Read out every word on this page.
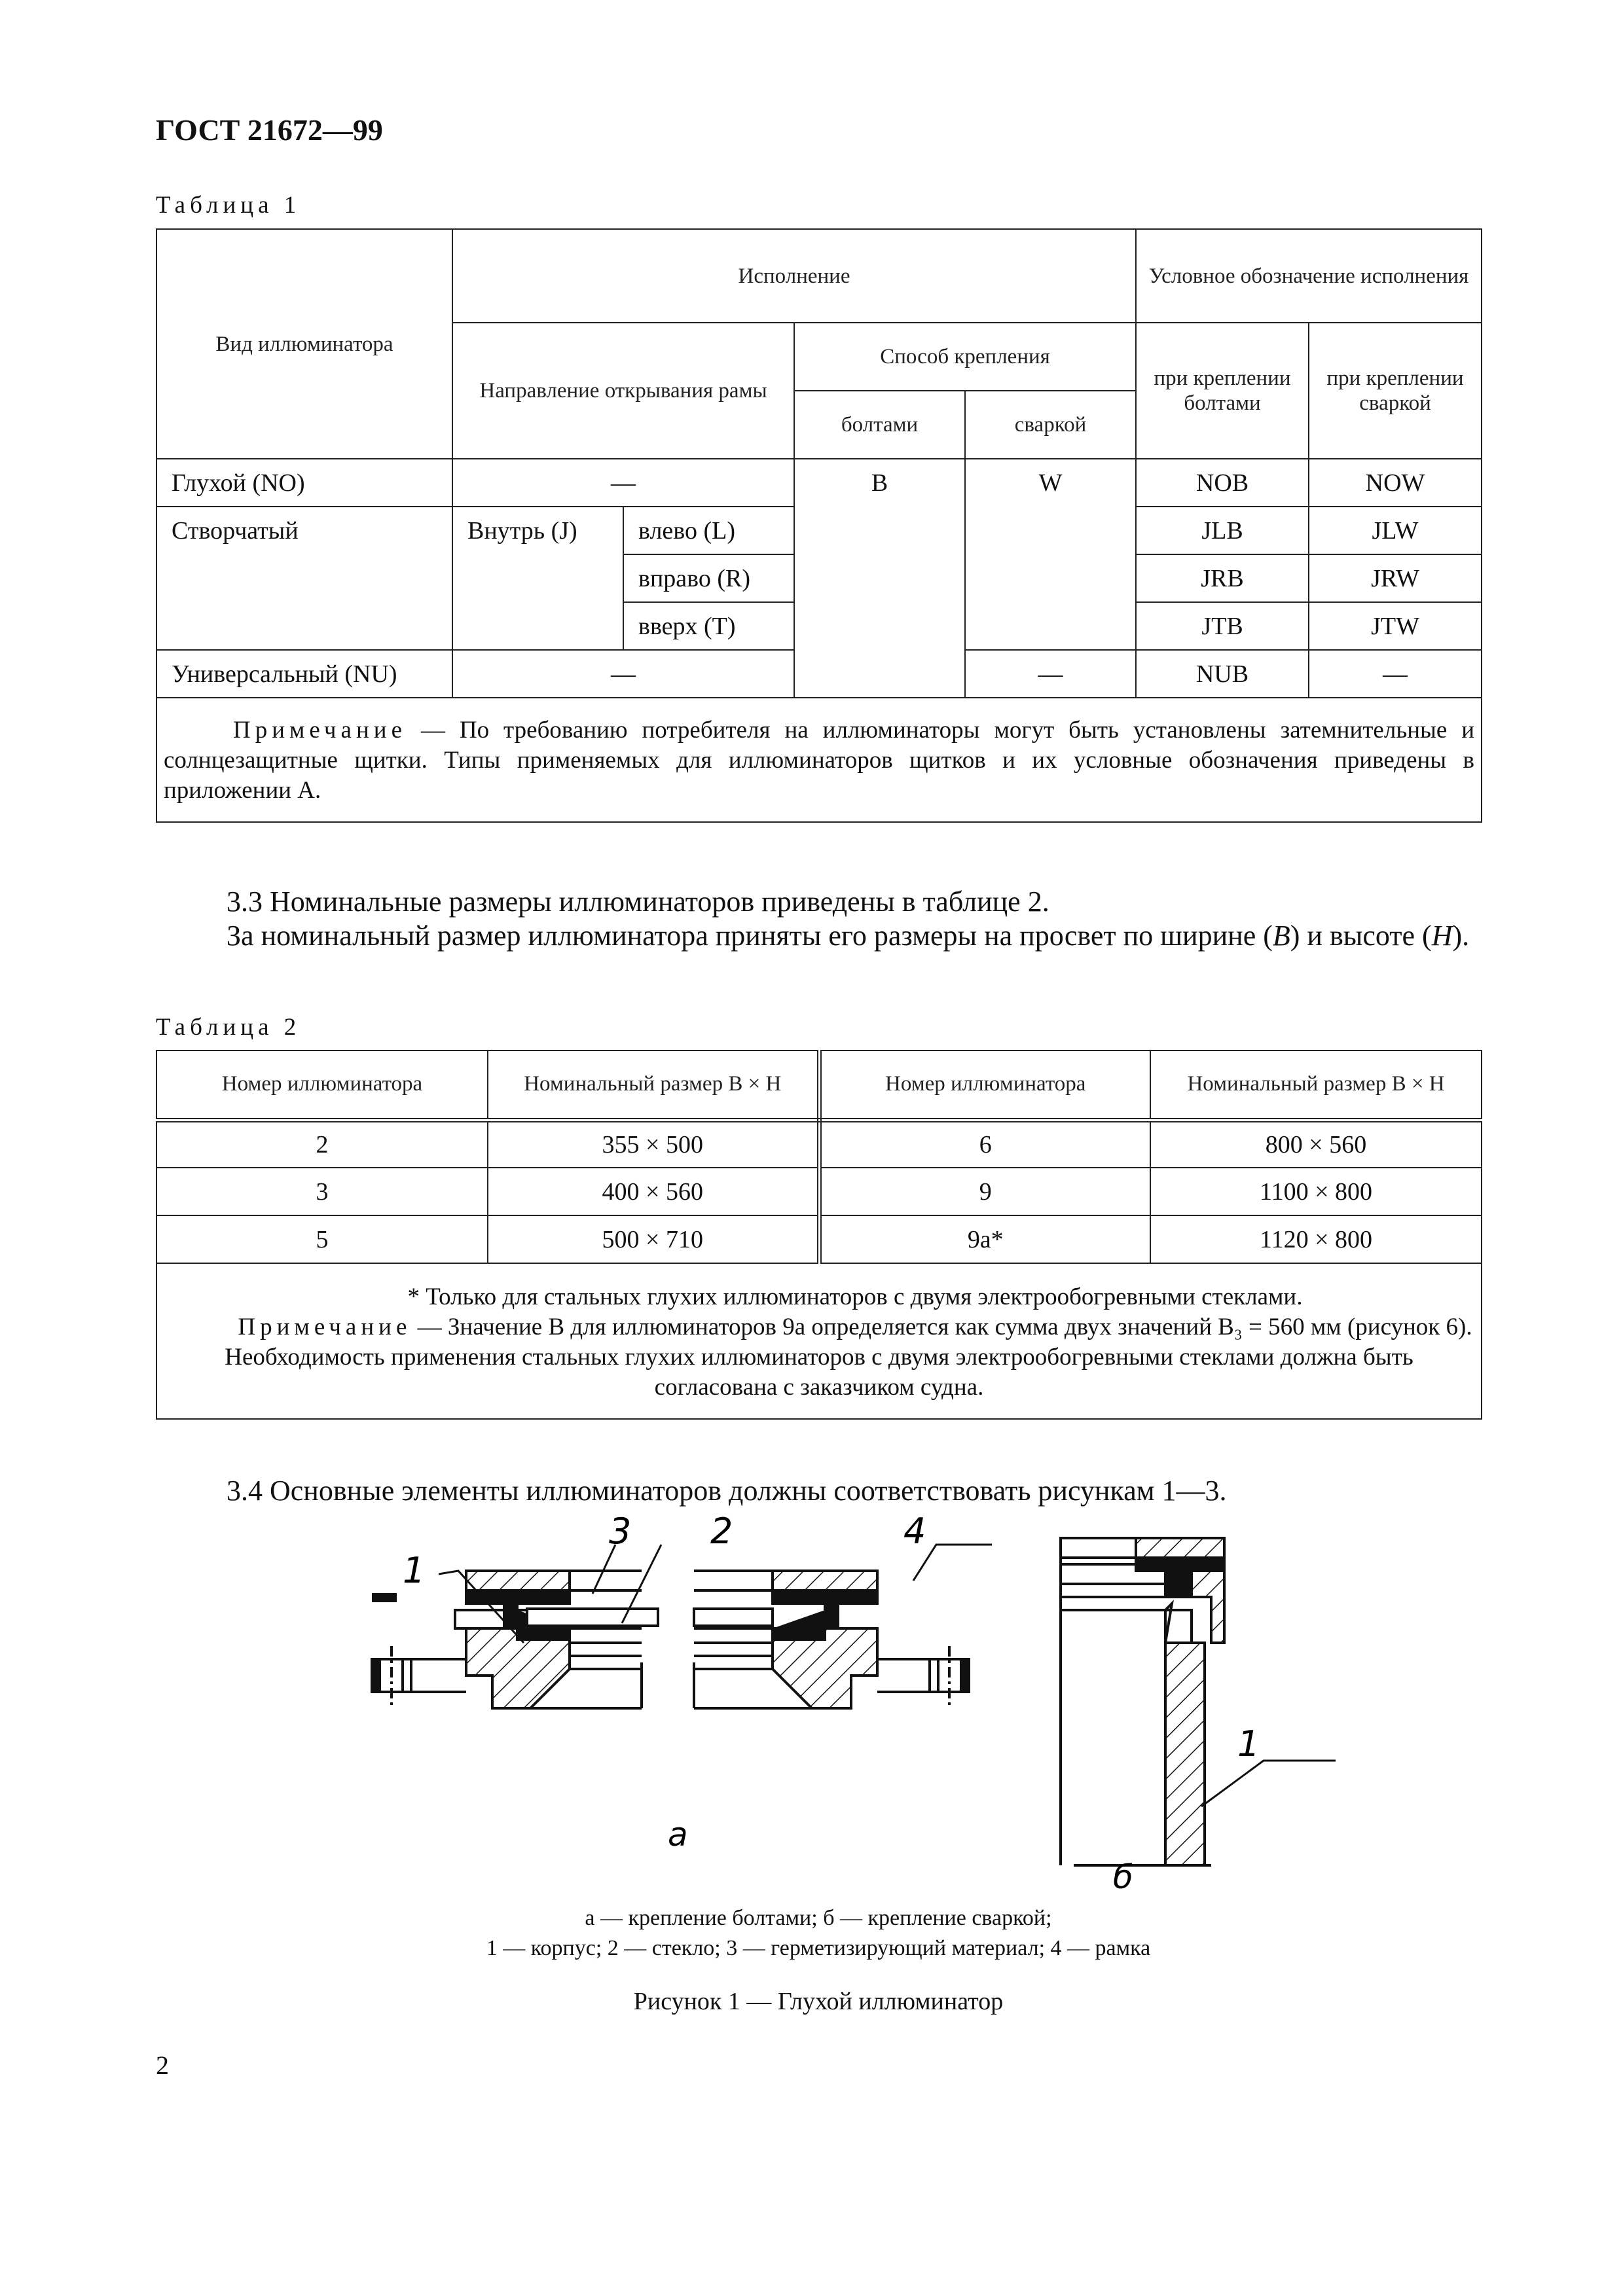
ГОСТ 21672—99
Таблица 1
Вид иллюминатора	Исполнение				Условное обозначение исполнения	
	Направление открывания рамы		Способ крепления		при креплении болтами	при креплении сваркой
			болтами	сваркой		
Глухой (NO)	—		B	W	NOB	NOW
Створчатый	Внутрь (J)	влево (L)			JLB	JLW
		вправо (R)			JRB	JRW
		вверх (T)			JTB	JTW
Универсальный (NU)	—			—	NUB	—
Примечание — По требованию потребителя на иллюминаторы могут быть установлены затемнительные и солнцезащитные щитки. Типы применяемых для иллюминаторов щитков и их условные обозначения приведены в приложении А.						
3.3 Номинальные размеры иллюминаторов приведены в таблице 2.
За номинальный размер иллюминатора приняты его размеры на просвет по ширине (B) и высоте (H).
Таблица 2
Номер иллюминатора	Номинальный размер B × H	Номер иллюминатора	Номинальный размер B × H
2	355 × 500	6	800 × 560
3	400 × 560	9	1100 × 800
5	500 × 710	9a*	1120 × 800

* Только для стальных глухих иллюминаторов с двумя электрообогревными стеклами.
Примечание — Значение B для иллюминаторов 9а определяется как сумма двух значений B₃ = 560 мм (рисунок 6). Необходимость применения стальных глухих иллюминаторов с двумя электрообогревными стеклами должна быть согласована с заказчиком судна.			
3.4 Основные элементы иллюминаторов должны соответствовать рисункам 1—3.
1
3 2	4
1
а
б
а — крепление болтами; б — крепление сваркой;
1 — корпус; 2 — стекло; 3 — герметизирующий материал; 4 — рамка
Рисунок 1 — Глухой иллюминатор
2
